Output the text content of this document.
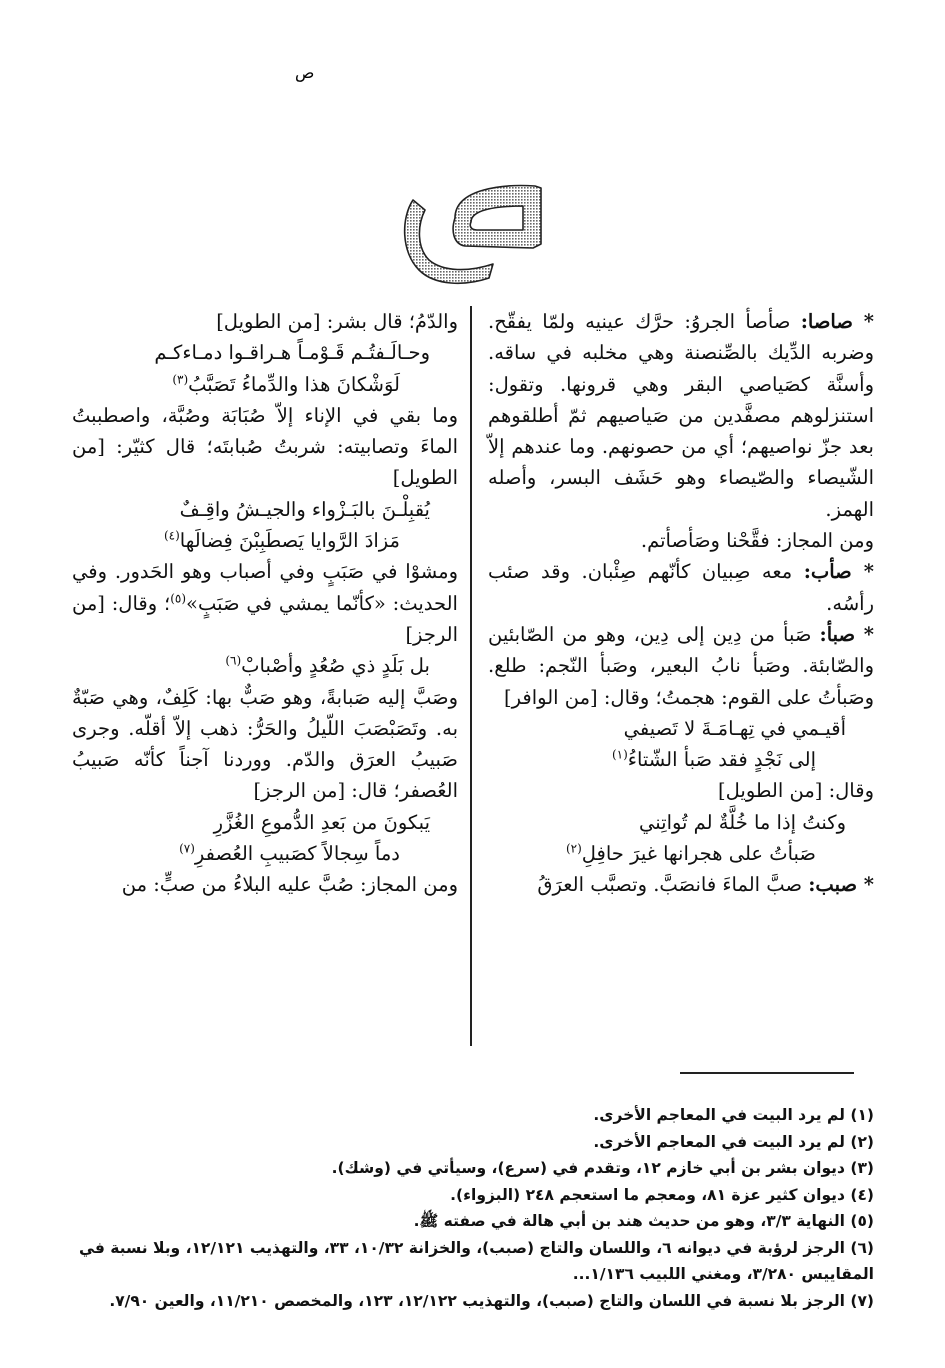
ص

* صاصا: صأصأ الجروُ: حرَّك عينيه ولمّا يفقّح. وضربه الدِّيك بالصِّنصنة وهي مخلبه في ساقه. وأسنَّة كصَياصي البقر وهي قرونها. وتقول: استنزلوهم مصفَّدين من صَياصيهم ثمّ أطلقوهم بعد جزّ نواصيهم؛ أي من حصونهم. وما عندهم إلاّ الشّيصاء والصّيصاء وهو حَشَف البسر، وأصله الهمز.

ومن المجاز: فقَّحْنا وصَأصأتم.

* صأب: معه صِبيان كأنّهم صِئْبان. وقد صئب رأسُه.

* صبأ: صَبأ من دِين إلى دِين، وهو من الصّابئين والصّابئة. وصَبأ نابُ البعير، وصَبأ النّجم: طلع. وصَبأتُ على القوم: هجمتُ؛ وقال: [من الوافر]

أقيـمي في تِهـامَـةَ لا تَصيفي

إلى نَجْدٍ فقد صَبأ الشّتاءُ$^{(١)}$

وقال: [من الطويل]

وكنتُ إذا ما خُلَّةٌ لم تُواتِني

صَبأتُ على هجرانها غيرَ حافِلِ$^{(٢)}$

* صبب: صبَّ الماءَ فانصَبَّ. وتصبَّب العرَقُ

والدّمُ؛ قال بشر: [من الطويل]

وحـالَـفتُـم قَـوْمـاً هـراقـوا دمـاءكـم

لَوَشْكانَ هذا والدِّماءُ تَصَبَّبُ$^{(٣)}$

وما بقي في الإناء إلاّ صُبَابَة وصُبَّة، واصطببتُ الماءَ وتصابيته: شربتُ صُبابتَه؛ قال كثيّر: [من الطويل]

يُقبِلْـنَ بالبَـزْواء والجيـشُ واقِـفٌ

مَزادَ الرَّوايا يَصطَبِبْنَ فِضالَها$^{(٤)}$

ومشوْا في صَبَبٍ وفي أصباب وهو الحَدور. وفي الحديث: «كأنّما يمشي في صَبَبٍ»$^{(٥)}$؛ وقال: [من الرجز]

بل بَلَدٍ ذي صُعُدٍ وأصْبابْ$^{(٦)}$

وصَبَّ إليه صَبابةً، وهو صَبٌّ بها: كَلِفٌ، وهي صَبّةٌ به. وتَصَبْصَبَ اللّيلُ والحَرُّ: ذهب إلاّ أقلّه. وجرى صَبيبُ العرَق والدّم. ووردنا آجناً كأنّه صَبيبُ العُصفر؛ قال: [من الرجز]

يَبكونَ من بَعدِ الدُّموعِ الغُزَّرِ

دماً سِجالاً كصَبيبِ العُصفرِ$^{(٧)}$

ومن المجاز: صُبَّ عليه البلاءُ من صبٍّ: من

(١) لم يرد البيت في المعاجم الأخرى.

(٢) لم يرد البيت في المعاجم الأخرى.

(٣) ديوان بشر بن أبي خازم ١٢، وتقدم في (سرع)، وسيأتي في (وشك).

(٤) ديوان كثير عزة ٨١، ومعجم ما استعجم ٢٤٨ (البزواء).

(٥) النهاية ٣/٣، وهو من حديث هند بن أبي هالة في صفته ﷺ.

(٦) الرجز لرؤبة في ديوانه ٦، واللسان والتاج (صبب)، والخزانة ١٠/٣٢، ٣٣، والتهذيب ١٢/١٢١، وبلا نسبة في المقاييس ٣/٢٨٠، ومغني اللبيب ١/١٣٦...

(٧) الرجز بلا نسبة في اللسان والتاج (صبب)، والتهذيب ١٢/١٢٢، ١٢٣، والمخصص ١١/٢١٠، والعين ٧/٩٠.
